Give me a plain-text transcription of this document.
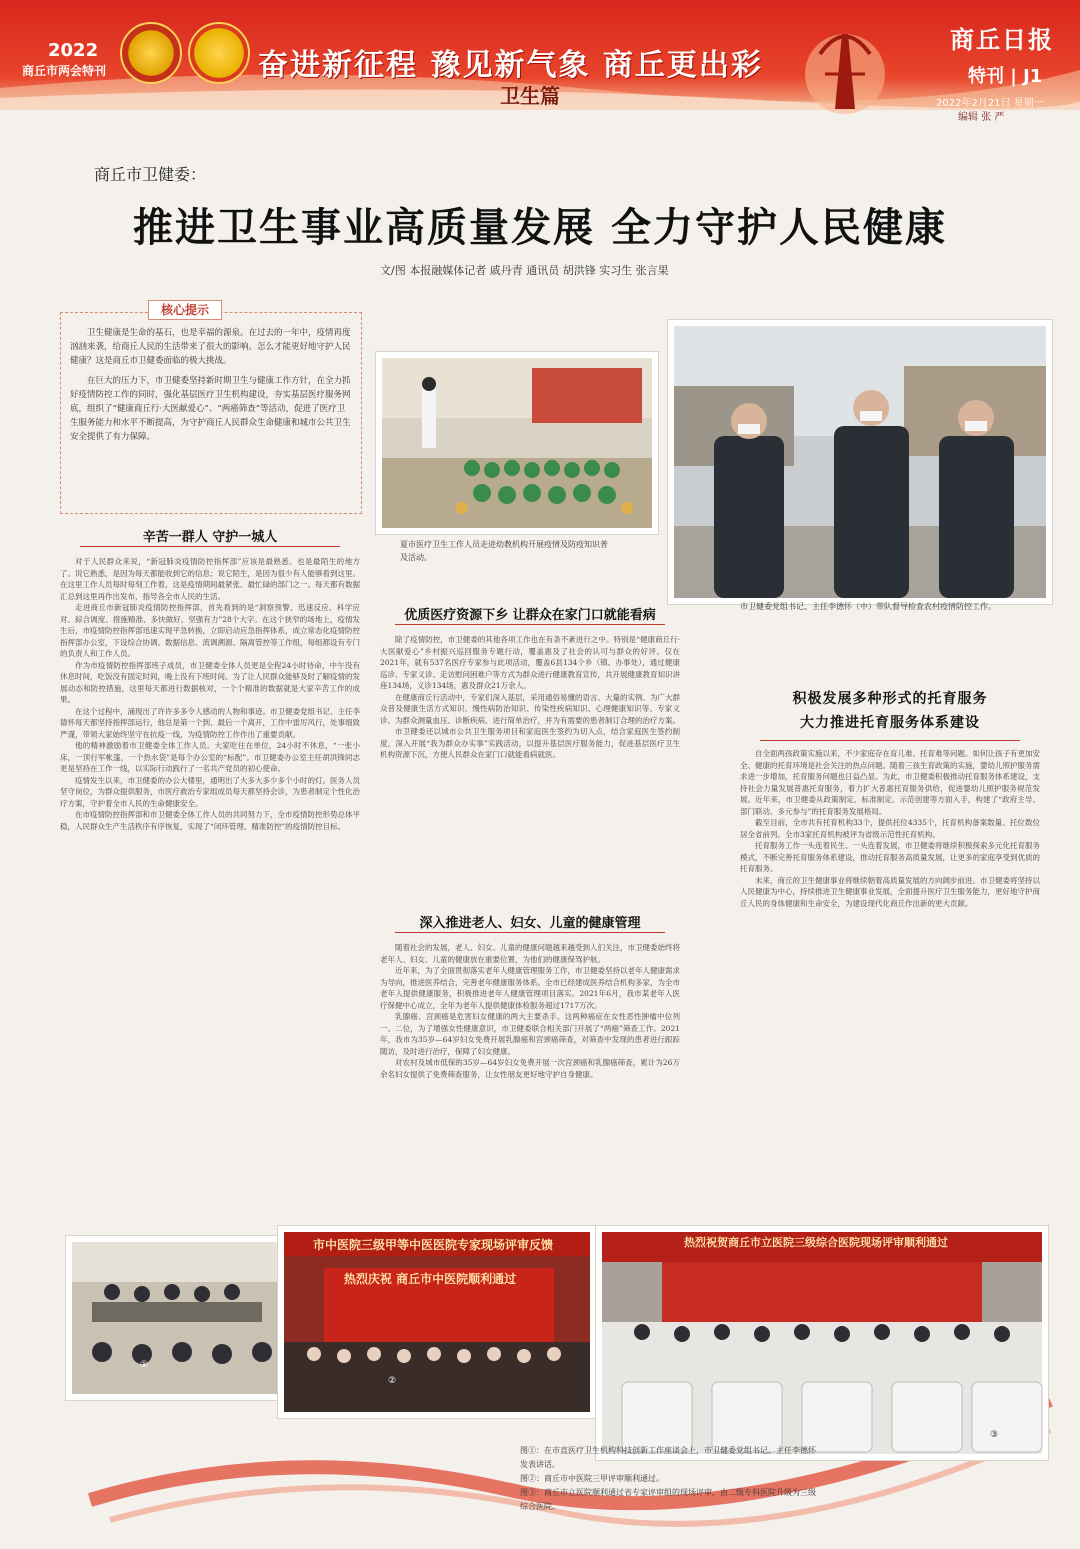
2022
商丘市两会特刊	奋进新征程 豫见新气象 商丘更出彩
卫生篇
商丘日报
特刊 | J1
2022年2月21日 星期一
编辑 张 严
商丘市卫健委：
推进卫生事业高质量发展 全力守护人民健康
文/图 本报融媒体记者 戚丹青 通讯员 胡洪锋 实习生 张言果
核心提示

卫生健康是生命的基石，也是幸福的源泉。在过去的一年中，疫情再度汹汹来袭，给商丘人民的生活带来了很大的影响。怎么才能更好地守护人民健康？这是商丘市卫健委面临的极大挑战。

在巨大的压力下，市卫健委坚持新时期卫生与健康工作方针，在全力抓好疫情防控工作的同时，强化基层医疗卫生机构建设，夯实基层医疗服务网底，组织了“健康商丘行·大医献爱心”、“两癌筛查”等活动，促进了医疗卫生服务能力和水平不断提高，为守护商丘人民群众生命健康和城市公共卫生安全提供了有力保障。

夏市医疗卫生工作人员走进幼教机构开展疫情及防疫知识普及活动。
市卫健委党组书记、主任李德怀（中）带队督导检查农村疫情防控工作。
辛苦一群人 守护一城人

对于人民群众来说，“新冠肺炎疫情防控指挥部”应该是最熟悉、也是最陌生的地方了。说它熟悉，是因为每天都能收到它的信息；说它陌生，是因为很少有人能够看到这里。在这里工作人员每时每刻工作着，这是疫情期间最紧张、最忙碌的部门之一。每天都有数据汇总到这里再作出发布，指导各全市人民的生活。

走进商丘市新冠肺炎疫情防控指挥部，首先看到的是“洞察预警、迅速反应、科学应对、綜合调度、措施精准、多快做好、坚强有力”28个大字。在这个狭窄的场地上，疫情发生后，市疫情防控指挥部迅速实现平急转换，立即启动应急指挥体系，成立常态化疫情防控指挥部办公室，下设综合协调、数据信息、流调溯源、隔离管控等工作组，每组都设有专门的负责人和工作人员。

作为市疫情防控指挥部班子成员，市卫健委全体人员更是全程24小时待命，中午没有休息时间，吃饭没有固定时间，晚上没有下班时间。为了让人民群众能够及时了解疫情的发展动态和防控措施，这里每天都进行数据核对，一个个精准的数据就是大家辛苦工作的成果。

在这个过程中，涌现出了许许多多令人感动的人物和事迹。市卫健委党组书记、主任李德怀每天都坚持指挥部运行，他总是第一个到、最后一个离开，工作中雷厉风行，处事细致严谨，带领大家始终坚守在抗疫一线，为疫情防控工作作出了重要贡献。

他的精神激励着市卫健委全体工作人员。大家吃住在单位，24小时不休息，“一张小床，一顶行军帐篷，一个热水袋”是每个办公室的“标配”。市卫健委办公室主任胡洪锋同志更是坚持在工作一线，以实际行动践行了一名共产党员的初心使命。

疫情发生以来，市卫健委的办公大楼里，通明出了大多大多少多个小时的灯。医务人员坚守岗位，为群众提供服务，市医疗救治专家组成员每天都坚持会诊，为患者制定个性化治疗方案，守护着全市人民的生命健康安全。

在市疫情防控指挥部和市卫健委全体工作人员的共同努力下，全市疫情防控形势总体平稳，人民群众生产生活秩序有序恢复，实现了“闭环管理、精准防控”的疫情防控目标。

优质医疗资源下乡 让群众在家门口就能看病

除了疫情防控，市卫健委的其他各项工作也在有条不紊进行之中。特别是“健康商丘行·大医献爱心”乡村振兴巡回服务专题行动，覆盖惠及了社会的认可与群众的好评。仅在2021年，就有537名医疗专家参与此项活动，覆盖6县134个乡（镇、办事处），通过健康巡诊、专家义诊、走访慰问困难户等方式为群众进行健康教育宣传，共开展健康教育知识讲座134场，义诊134场，惠及群众21万余人。

在健康商丘行活动中，专家们深入基层，采用通俗易懂的语言、大量的实例、为广大群众普及健康生活方式知识、慢性病防治知识、传染性疾病知识、心理健康知识等。专家义诊、为群众测量血压、诊断疾病、进行简单治疗，并为有需要的患者制订合理的治疗方案。

市卫健委还以城市公共卫生服务项目和家庭医生签约为切入点，结合家庭医生签约制度，深入开展“我为群众办实事”实践活动，以提升基层医疗服务能力，促进基层医疗卫生机构资源下沉，方便人民群众在家门口就能看病就医。

深入推进老人、妇女、儿童的健康管理

随着社会的发展，老人、妇女、儿童的健康问题越来越受到人们关注，市卫健委始终将老年人、妇女、儿童的健康放在重要位置，为他们的健康保驾护航。

近年来，为了全面贯彻落实老年人健康管理服务工作，市卫健委坚持以老年人健康需求为导向，推进医养结合，完善老年健康服务体系。全市已经建成医养结合机构多家，为全市老年人提供健康服务，积极推进老年人健康管理项目落实。2021年6月，我市某老年人医疗保健中心成立，全年为老年人提供健康体检服务超过1717万次。

乳腺癌、宫颈癌是危害妇女健康的两大主要杀手。这两种癌症在女性恶性肿瘤中位列一、二位，为了增强女性健康意识，市卫健委联合相关部门开展了“两癌”筛查工作。2021年，我市为35岁—64岁妇女免费开展乳腺癌和宫颈癌筛查，对筛查中发现的患者进行跟踪随访，及时进行治疗，保障了妇女健康。

对农村及城市低保的35岁—64岁妇女免费开展一次宫颈癌和乳腺癌筛查，累计为26万余名妇女提供了免费筛查服务，让女性朋友更好地守护自身健康。

积极发展多种形式的托育服务
大力推进托育服务体系建设

自全面两孩政策实施以来，不少家庭存在育儿难、托育难等问题。如何让孩子有更加安全、健康的托育环境是社会关注的热点问题。随着三孩生育政策的实施，婴幼儿照护服务需求进一步增加，托育服务问题也日益凸显。为此，市卫健委积极推动托育服务体系建设，支持社会力量发展普惠托育服务，着力扩大普惠托育服务供给，促进婴幼儿照护服务规范发展。近年来，市卫健委从政策制定、标准制定、示范创建等方面入手，构建了“政府主导、部门联动、多元参与”的托育服务发展格局。

截至目前，全市共有托育机构33个，提供托位4335个，托育机构备案数量、托位数位居全省前列。全市3家托育机构被评为省级示范性托育机构。

托育服务工作一头连着民生、一头连着发展，市卫健委将继续积极探索多元化托育服务模式，不断完善托育服务体系建设，推动托育服务高质量发展，让更多的家庭享受到优质的托育服务。

未来，商丘的卫生健康事业将继续朝着高质量发展的方向阔步前进。市卫健委将坚持以人民健康为中心，持续推进卫生健康事业发展，全面提升医疗卫生服务能力，更好地守护商丘人民的身体健康和生命安全，为建设现代化商丘作出新的更大贡献。

①
市中医院三级甲等中医医院专家现场评审反馈
热烈庆祝 商丘市中医院顺利通过
②
热烈祝贺商丘市立医院三级综合医院现场评审顺利通过
③
图①：在市直医疗卫生机构科技创新工作座谈会上，市卫健委党组书记、主任李德怀发表讲话。
图②：商丘市中医院三甲评审顺利通过。
图③：商丘市立医院顺利通过省专家评审组的现场评审，由二级专科医院升级为三级综合医院。
